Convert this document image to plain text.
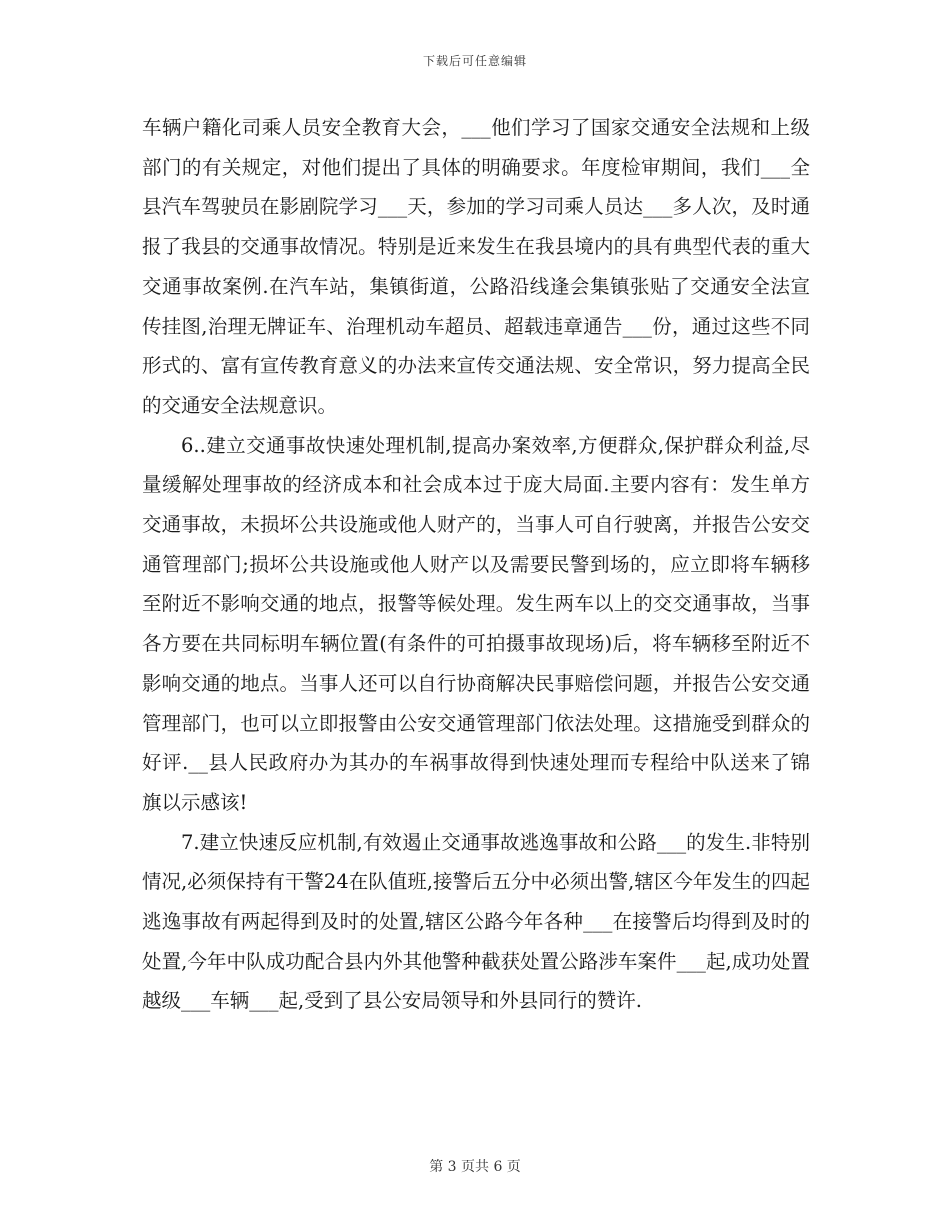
下载后可任意编辑

车辆户籍化司乘人员安全教育大会，___他们学习了国家交通安全法规和上级部门的有关规定，对他们提出了具体的明确要求。年度检审期间，我们___全县汽车驾驶员在影剧院学习___天，参加的学习司乘人员达___多人次，及时通报了我县的交通事故情况。特别是近来发生在我县境内的具有典型代表的重大交通事故案例.在汽车站，集镇街道，公路沿线逢会集镇张贴了交通安全法宣传挂图,治理无牌证车、治理机动车超员、超载违章通告___份，通过这些不同形式的、富有宣传教育意义的办法来宣传交通法规、安全常识，努力提高全民的交通安全法规意识。

6..建立交通事故快速处理机制,提高办案效率,方便群众,保护群众利益,尽量缓解处理事故的经济成本和社会成本过于庞大局面.主要内容有：发生单方交通事故，未损坏公共设施或他人财产的，当事人可自行驶离，并报告公安交通管理部门;损坏公共设施或他人财产以及需要民警到场的，应立即将车辆移至附近不影响交通的地点，报警等候处理。发生两车以上的交交通事故，当事各方要在共同标明车辆位置(有条件的可拍摄事故现场)后，将车辆移至附近不影响交通的地点。当事人还可以自行协商解决民事赔偿问题，并报告公安交通管理部门，也可以立即报警由公安交通管理部门依法处理。这措施受到群众的好评.__县人民政府办为其办的车祸事故得到快速处理而专程给中队送来了锦旗以示感该!

7.建立快速反应机制,有效遏止交通事故逃逸事故和公路___的发生.非特别情况,必须保持有干警24在队值班,接警后五分中必须出警,辖区今年发生的四起逃逸事故有两起得到及时的处置,辖区公路今年各种___在接警后均得到及时的处置,今年中队成功配合县内外其他警种截获处置公路涉车案件___起,成功处置越级___车辆___起,受到了县公安局领导和外县同行的赞许.

第 3 页共 6 页
